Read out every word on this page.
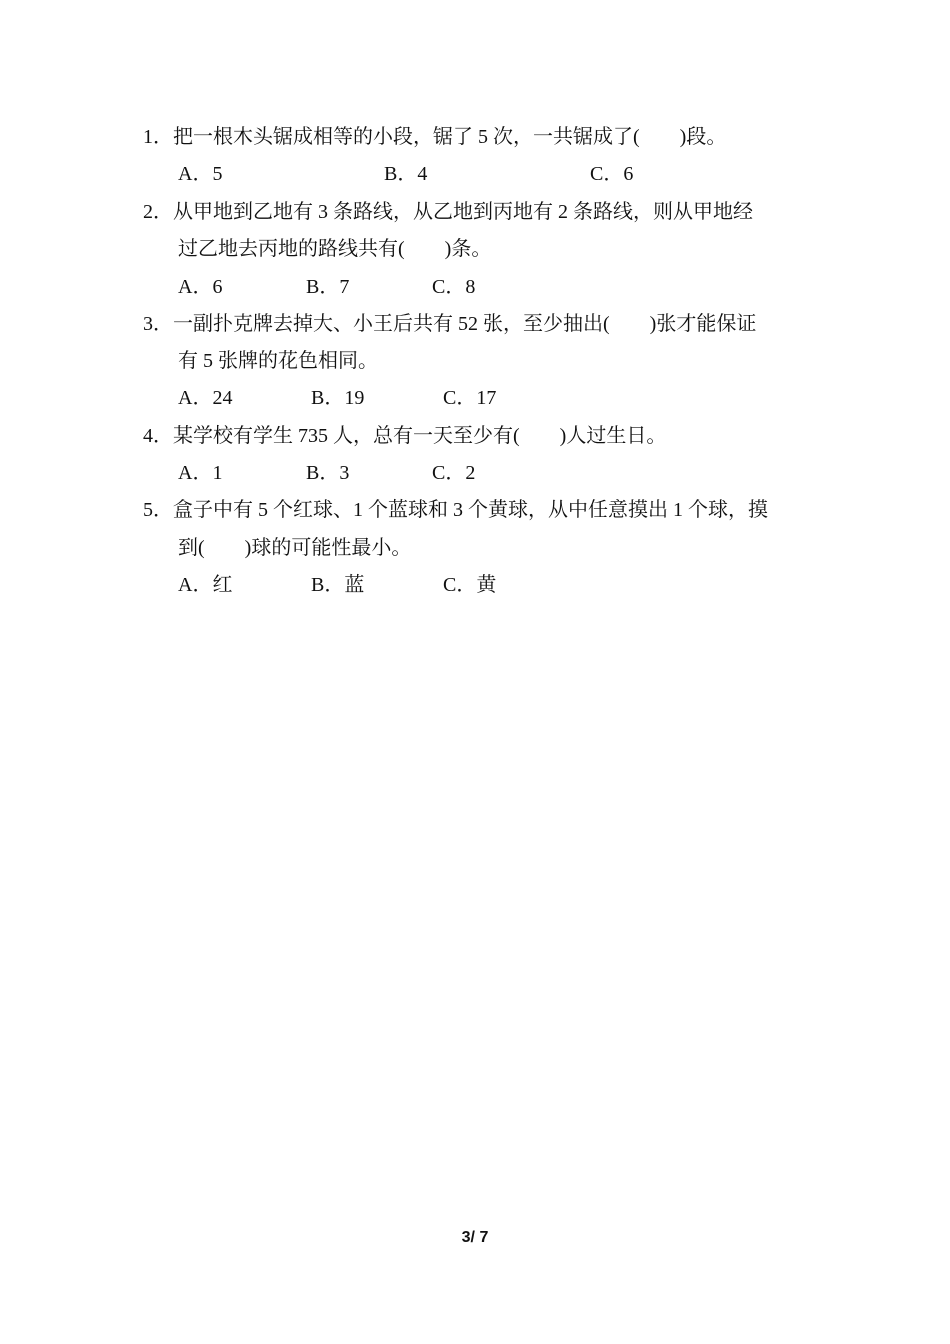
1．把一根木头锯成相等的小段，锯了 5 次，一共锯成了(　　)段。
A．5	B．4	C．6
2．从甲地到乙地有 3 条路线，从乙地到丙地有 2 条路线，则从甲地经
过乙地去丙地的路线共有(　　)条。
A．6	B．7	C．8
3．一副扑克牌去掉大、小王后共有 52 张，至少抽出(　　)张才能保证
有 5 张牌的花色相同。
A．24	B．19	C．17
4．某学校有学生 735 人，总有一天至少有(　　)人过生日。
A．1	B．3	C．2
5．盒子中有 5 个红球、1 个蓝球和 3 个黄球，从中任意摸出 1 个球，摸
到(　　)球的可能性最小。
A．红	B．蓝	C．黄
3/ 7
